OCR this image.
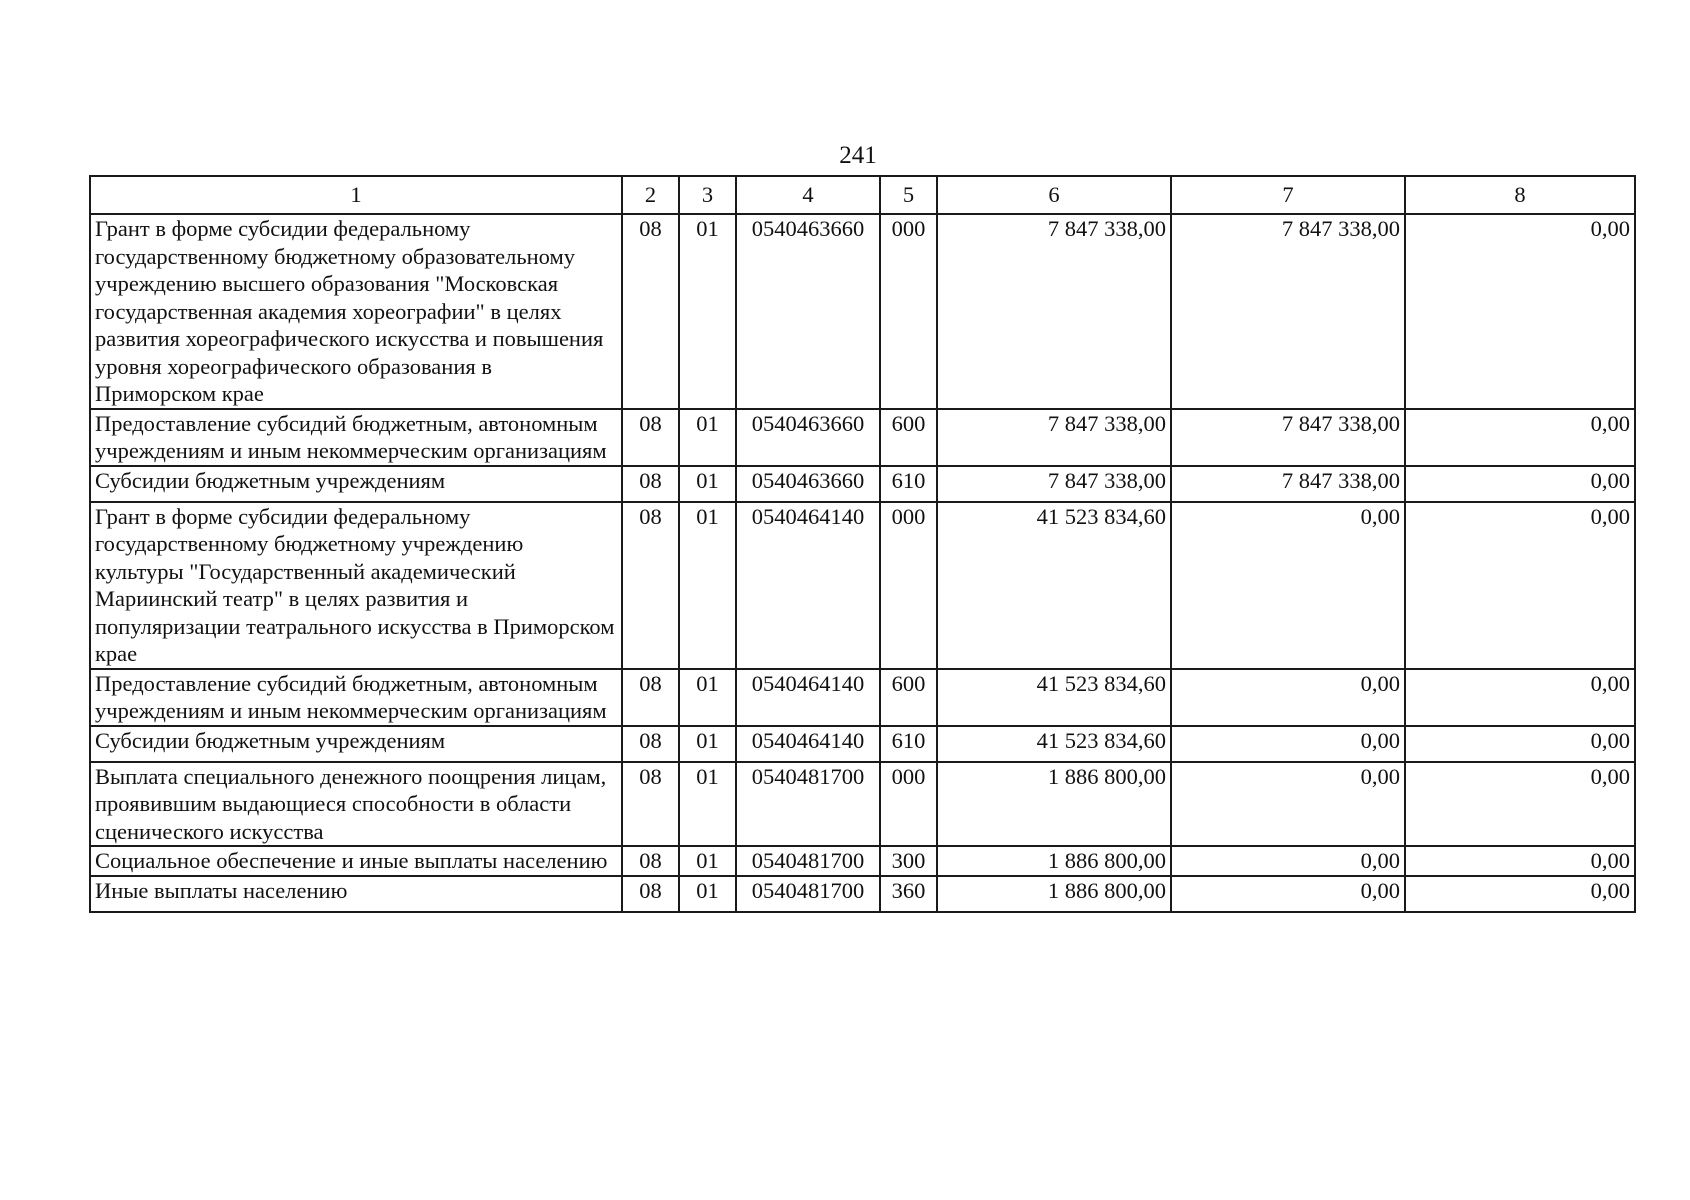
241
1	2	3	4	5	6	7	8
Грант в форме субсидии федеральному государственному бюджетному образовательному учреждению высшего образования "Московская государственная академия хореографии" в целях развития хореографического искусства и повышения уровня хореографического образования в Приморском крае	08	01	0540463660	000	7 847 338,00	7 847 338,00	0,00
Предоставление субсидий бюджетным, автономным учреждениям и иным некоммерческим организациям	08	01	0540463660	600	7 847 338,00	7 847 338,00	0,00
Субсидии бюджетным учреждениям	08	01	0540463660	610	7 847 338,00	7 847 338,00	0,00
Грант в форме субсидии федеральному государственному бюджетному учреждению культуры "Государственный академический Мариинский театр" в целях развития и популяризации театрального искусства в Приморском крае	08	01	0540464140	000	41 523 834,60	0,00	0,00
Предоставление субсидий бюджетным, автономным учреждениям и иным некоммерческим организациям	08	01	0540464140	600	41 523 834,60	0,00	0,00
Субсидии бюджетным учреждениям	08	01	0540464140	610	41 523 834,60	0,00	0,00
Выплата специального денежного поощрения лицам, проявившим выдающиеся способности в области сценического искусства	08	01	0540481700	000	1 886 800,00	0,00	0,00
Социальное обеспечение и иные выплаты населению	08	01	0540481700	300	1 886 800,00	0,00	0,00
Иные выплаты населению	08	01	0540481700	360	1 886 800,00	0,00	0,00
